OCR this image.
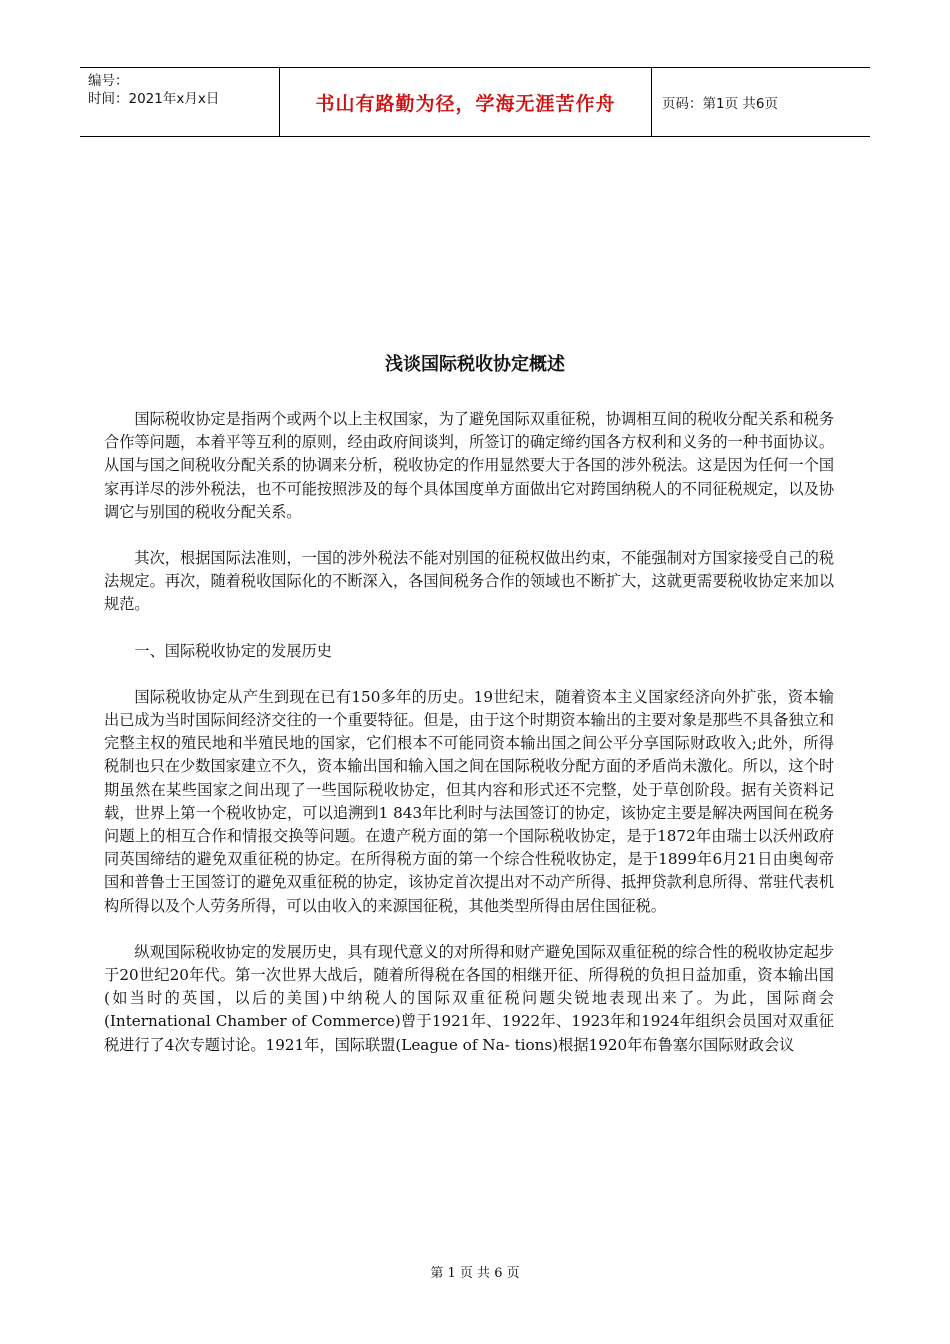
编号：
时间：2021年x月x日	书山有路勤为径，学海无涯苦作舟	页码：第1页 共6页
浅谈国际税收协定概述

国际税收协定是指两个或两个以上主权国家，为了避免国际双重征税，协调相互间的税收分配关系和税务合作等问题，本着平等互利的原则，经由政府间谈判，所签订的确定缔约国各方权利和义务的一种书面协议。从国与国之间税收分配关系的协调来分析，税收协定的作用显然要大于各国的涉外税法。这是因为任何一个国家再详尽的涉外税法，也不可能按照涉及的每个具体国度单方面做出它对跨国纳税人的不同征税规定，以及协调它与别国的税收分配关系。

其次，根据国际法准则，一国的涉外税法不能对别国的征税权做出约束，不能强制对方国家接受自己的税法规定。再次，随着税收国际化的不断深入，各国间税务合作的领域也不断扩大，这就更需要税收协定来加以规范。

一、国际税收协定的发展历史

国际税收协定从产生到现在已有150多年的历史。19世纪末，随着资本主义国家经济向外扩张，资本输出已成为当时国际间经济交往的一个重要特征。但是，由于这个时期资本输出的主要对象是那些不具备独立和完整主权的殖民地和半殖民地的国家，它们根本不可能同资本输出国之间公平分享国际财政收入;此外，所得税制也只在少数国家建立不久，资本输出国和输入国之间在国际税收分配方面的矛盾尚未激化。所以，这个时期虽然在某些国家之间出现了一些国际税收协定，但其内容和形式还不完整，处于草创阶段。据有关资料记载，世界上第一个税收协定，可以追溯到1 843年比利时与法国签订的协定，该协定主要是解决两国间在税务问题上的相互合作和情报交换等问题。在遗产税方面的第一个国际税收协定，是于1872年由瑞士以沃州政府同英国缔结的避免双重征税的协定。在所得税方面的第一个综合性税收协定，是于1899年6月21日由奥匈帝国和普鲁士王国签订的避免双重征税的协定，该协定首次提出对不动产所得、抵押贷款利息所得、常驻代表机构所得以及个人劳务所得，可以由收入的来源国征税，其他类型所得由居住国征税。

纵观国际税收协定的发展历史，具有现代意义的对所得和财产避免国际双重征税的综合性的税收协定起步于20世纪20年代。第一次世界大战后，随着所得税在各国的相继开征、所得税的负担日益加重，资本输出国(如当时的英国，以后的美国)中纳税人的国际双重征税问题尖锐地表现出来了。为此，国际商会(International Chamber of Commerce)曾于1921年、1922年、1923年和1924年组织会员国对双重征税进行了4次专题讨论。1921年，国际联盟(League of Na- tions)根据1920年布鲁塞尔国际财政会议

第 1 页 共 6 页
